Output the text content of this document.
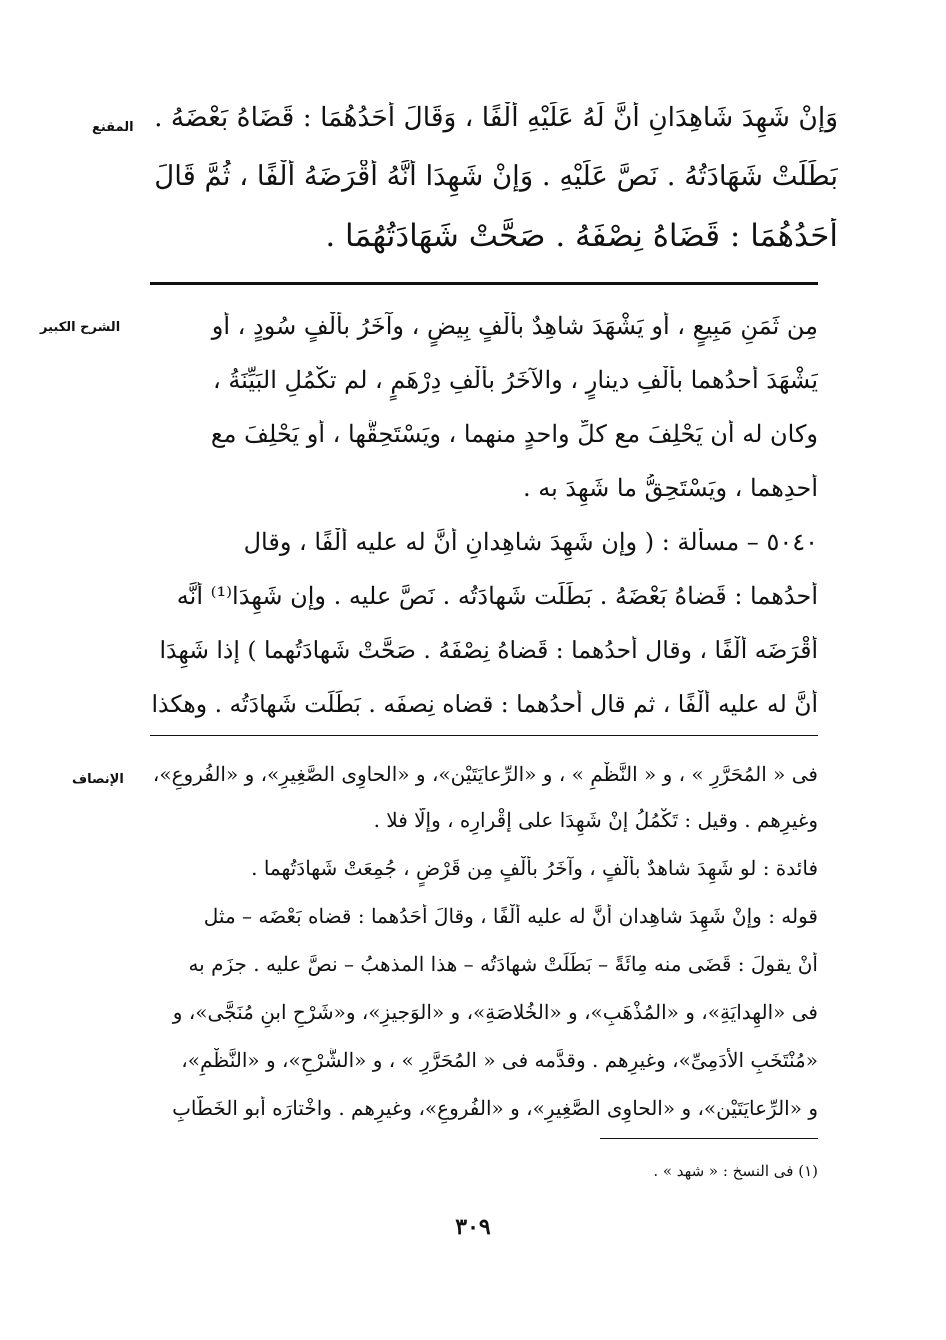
المقنع وَإنْ شَهِدَ شَاهِدَانِ أَنَّ لَهُ عَلَيْهِ أَلْفًا ، وَقَالَ أَحَدُهُمَا : قَضَاهُ بَعْضَهُ .
بَطَلَتْ شَهَادَتُهُ . نَصَّ عَلَيْهِ . وَإنْ شَهِدَا أَنَّهُ أَقْرَضَهُ أَلْفًا ، ثُمَّ قَالَ
أَحَدُهُمَا : قَضَاهُ نِصْفَهُ . صَحَّتْ شَهَادَتُهُمَا .
الشرح الكبير	مِن ثَمَنِ مَبِيعٍ ، أو يَشْهَدَ شاهِدٌ بأَلْفٍ بِيضٍ ، وآخَرُ بأَلْفٍ سُودٍ ، أو
يَشْهَدَ أحدُهما بأَلْفِ دينارٍ ، والآخَرُ بأَلْفِ دِرْهَمٍ ، لم تكْمُلِ البَيِّنَةُ ،
وكان له أن يَحْلِفَ مع كلِّ واحدٍ منهما ، ويَسْتَحِقَّها ، أو يَحْلِفَ مع
أحدِهما ، ويَسْتَحِقُّ ما شَهِدَ به .
٥٠٤٠ – مسألة : ( وإن شَهِدَ شاهِدانِ أنَّ له عليه أَلْفًا ، وقال
أحدُهما : قَضاهُ بَعْضَهُ . بَطَلَت شَهادَتُه . نَصَّ عليه . وإن شَهِدَا⁽¹⁾ أنَّه
أَقْرَضَه أَلْفًا ، وقال أحدُهما : قَضاهُ نِصْفَهُ . صَحَّتْ شَهادَتُهما ) إذا شَهِدَا
أنَّ له عليه أَلْفًا ، ثم قال أحدُهما : قضاه نِصفَه . بَطَلَت شَهادَتُه . وهكذا
الإنصاف فى « المُحَرَّرِ » ، و « النَّظْمِ » ، و «الرِّعايَتَيْن»، و «الحاوِى الصَّغِيرِ»، و «الفُروعِ»،
وغيرِهم . وقيل : تَكْمُلُ إنْ شَهِدَا على إقْرارِه ، وإلَّا فلا .
فائدة : لو شَهِدَ شاهدٌ بأَلْفٍ ، وآخَرُ بأَلْفٍ مِن قَرْضٍ ، جُمِعَتْ شَهادَتُهما .
قوله : وإنْ شَهِدَ شاهِدان أنَّ له عليه أَلْفًا ، وقالَ أحَدُهما : قضاه بَعْضَه – مثل
أنْ يقولَ : قَضَى منه مِائَةً – بَطَلَتْ شهادَتُه – هذا المذهبُ – نصَّ عليه . جزَم به
فى «الهِدايَةِ»، و «المُذْهَبِ»، و «الخُلاصَةِ»، و «الوَجيزِ»، و«شَرْحِ ابنِ مُنَجَّى»، و
«مُنْتَخَبِ الأدَمِىِّ»، وغيرِهم . وقدَّمه فى « المُحَرَّرِ » ، و «الشَّرْحِ»، و «النَّظْمِ»،
و «الرِّعايَتَيْن»، و «الحاوِى الصَّغِيرِ»، و «الفُروعِ»، وغيرِهم . واخْتارَه أبو الخَطَّابِ
(١) فى النسخ : « شهد » .
٣٠٩
